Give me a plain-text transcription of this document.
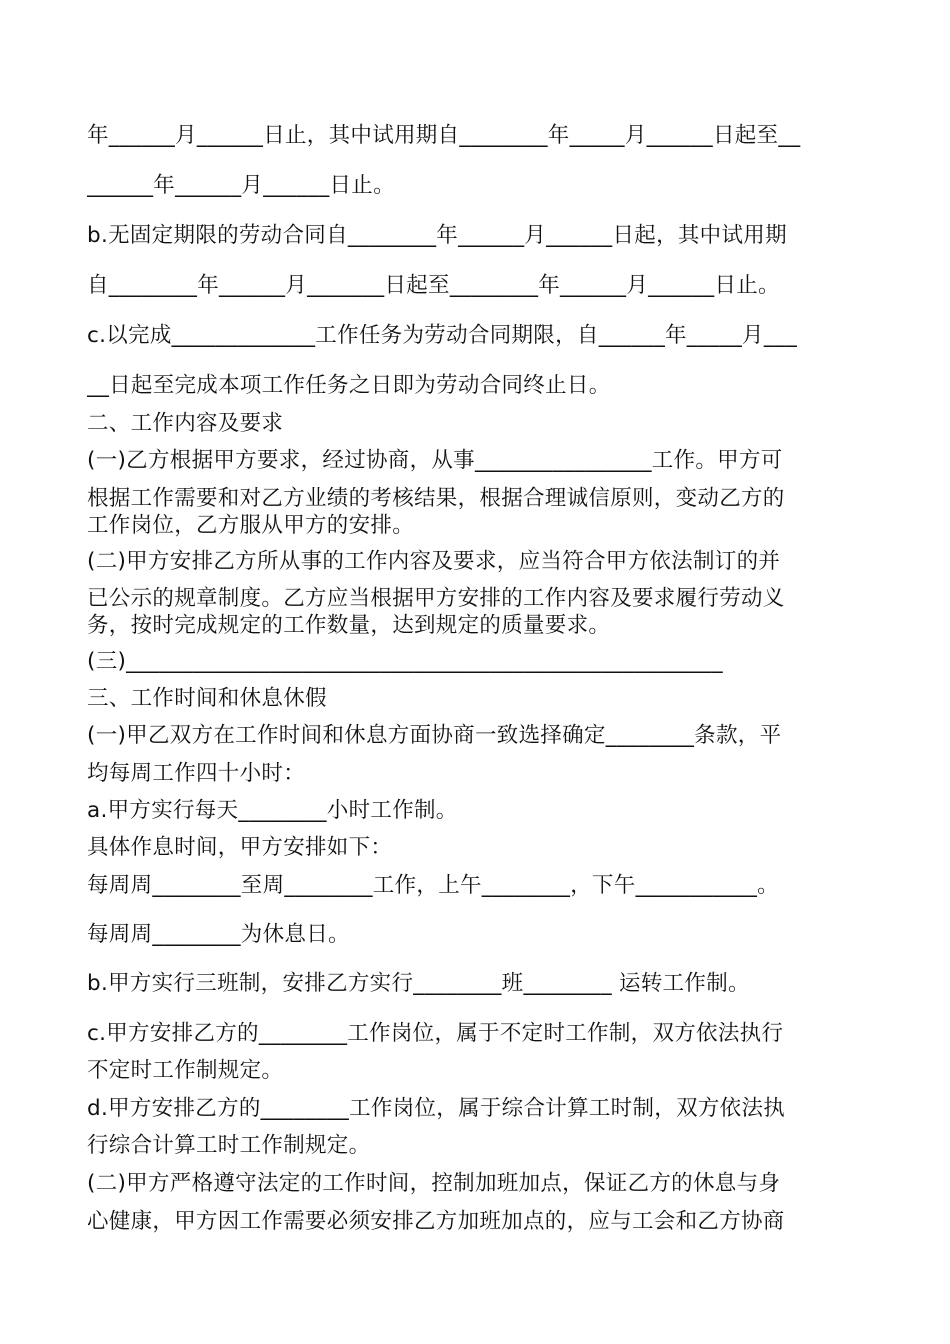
年______月______日止，其中试用期自________年_____月______日起至__
______年______月______日止。
b.无固定期限的劳动合同自________年______月______日起，其中试用期
自________年______月_______日起至________年______月______日止。
c.以完成_____________工作任务为劳动合同期限，自______年_____月___
__日起至完成本项工作任务之日即为劳动合同终止日。
二、工作内容及要求
(一)乙方根据甲方要求，经过协商，从事________________工作。甲方可
根据工作需要和对乙方业绩的考核结果，根据合理诚信原则，变动乙方的
工作岗位，乙方服从甲方的安排。
(二)甲方安排乙方所从事的工作内容及要求，应当符合甲方依法制订的并
已公示的规章制度。乙方应当根据甲方安排的工作内容及要求履行劳动义
务，按时完成规定的工作数量，达到规定的质量要求。
(三)______________________________________________________
三、工作时间和休息休假
(一)甲乙双方在工作时间和休息方面协商一致选择确定________条款，平
均每周工作四十小时：
a.甲方实行每天________小时工作制。
具体作息时间，甲方安排如下：
每周周________至周________工作，上午________，下午___________。
每周周________为休息日。
b.甲方实行三班制，安排乙方实行________班________ 运转工作制。
c.甲方安排乙方的________工作岗位，属于不定时工作制，双方依法执行
不定时工作制规定。
d.甲方安排乙方的________工作岗位，属于综合计算工时制，双方依法执
行综合计算工时工作制规定。
(二)甲方严格遵守法定的工作时间，控制加班加点，保证乙方的休息与身
心健康，甲方因工作需要必须安排乙方加班加点的，应与工会和乙方协商
